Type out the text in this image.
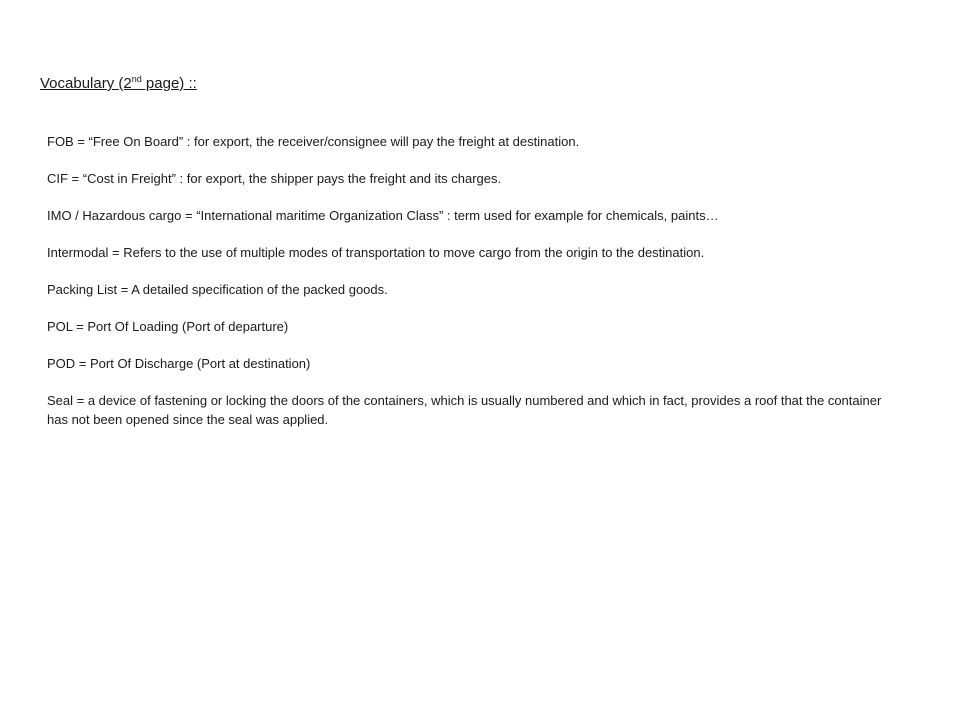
Vocabulary (2nd page) ::

FOB = “Free On Board” : for export, the receiver/consignee will pay the freight at destination.

CIF = “Cost in Freight” : for export, the shipper pays the freight and its charges.

IMO / Hazardous cargo = “International maritime Organization Class” : term used for example for chemicals, paints…

Intermodal = Refers to the use of multiple modes of transportation to move cargo from the origin to the destination.

Packing List = A detailed specification of the packed goods.

POL = Port Of Loading (Port of departure)

POD = Port Of Discharge (Port at destination)

Seal = a device of fastening or locking the doors of the containers, which is usually numbered and which in fact, provides a roof that the container has not been opened since the seal was applied.
